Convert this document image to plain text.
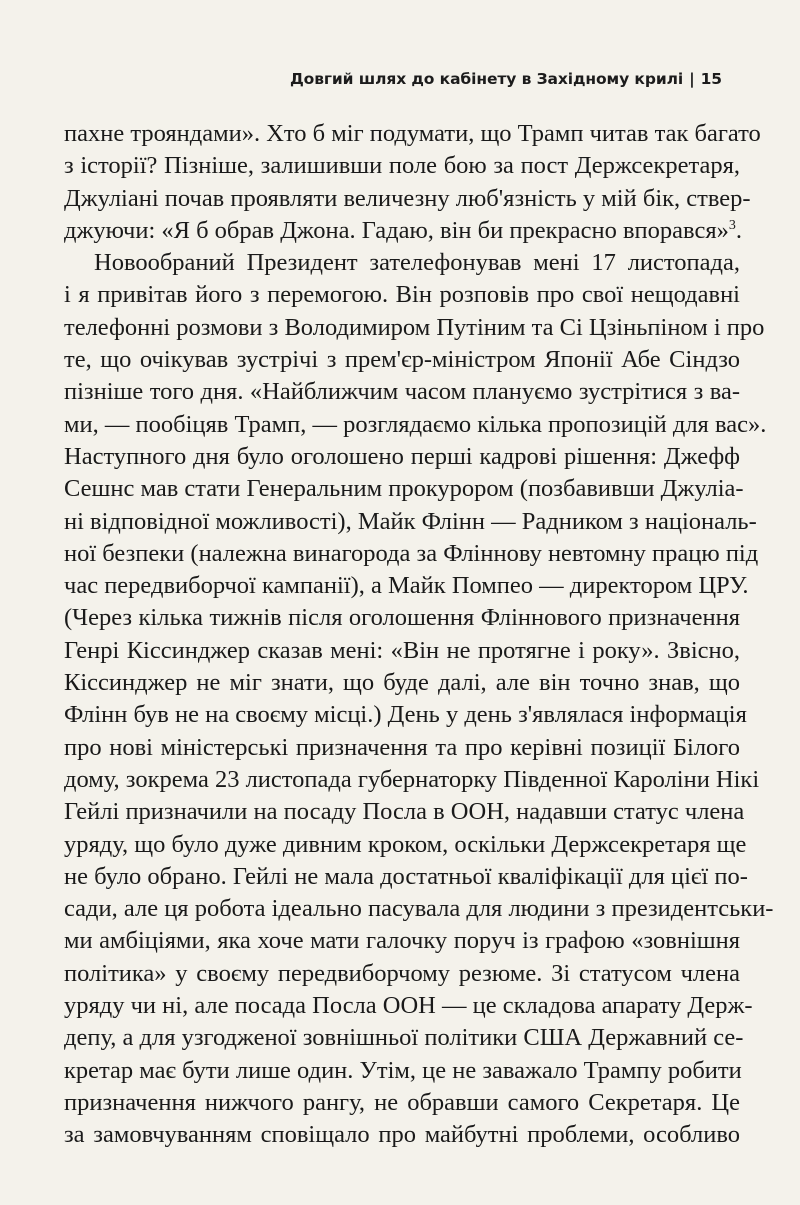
Довгий шлях до кабінету в Західному крилі | 15
пахне трояндами». Хто б міг подумати, що Трамп читав так багато
з історії? Пізніше, залишивши поле бою за пост Держсекретаря,
Джуліані почав проявляти величезну люб'язність у мій бік, ствер-
джуючи: «Я б обрав Джона. Гадаю, він би прекрасно впорався»$^3$.
Новообраний Президент зателефонував мені 17 листопада,
і я привітав його з перемогою. Він розповів про свої нещодавні
телефонні розмови з Володимиром Путіним та Сі Цзіньпіном і про
те, що очікував зустрічі з прем'єр-міністром Японії Абе Сіндзо
пізніше того дня. «Найближчим часом плануємо зустрітися з ва-
ми, — пообіцяв Трамп, — розглядаємо кілька пропозицій для вас».
Наступного дня було оголошено перші кадрові рішення: Джефф
Сешнс мав стати Генеральним прокурором (позбавивши Джуліа-
ні відповідної можливості), Майк Флінн — Радником з національ-
ної безпеки (належна винагорода за Фліннову невтомну працю під
час передвиборчої кампанії), а Майк Помпео — директором ЦРУ.
(Через кілька тижнів після оголошення Фліннового призначення
Генрі Кіссинджер сказав мені: «Він не протягне і року». Звісно,
Кіссинджер не міг знати, що буде далі, але він точно знав, що
Флінн був не на своєму місці.) День у день з'являлася інформація
про нові міністерські призначення та про керівні позиції Білого
дому, зокрема 23 листопада губернаторку Південної Кароліни Нікі
Гейлі призначили на посаду Посла в ООН, надавши статус члена
уряду, що було дуже дивним кроком, оскільки Держсекретаря ще
не було обрано. Гейлі не мала достатньої кваліфікації для цієї по-
сади, але ця робота ідеально пасувала для людини з президентськи-
ми амбіціями, яка хоче мати галочку поруч із графою «зовнішня
політика» у своєму передвиборчому резюме. Зі статусом члена
уряду чи ні, але посада Посла ООН — це складова апарату Держ-
депу, а для узгодженої зовнішньої політики США Державний се-
кретар має бути лише один. Утім, це не заважало Трампу робити
призначення нижчого рангу, не обравши самого Секретаря. Це
за замовчуванням сповіщало про майбутні проблеми, особливо
